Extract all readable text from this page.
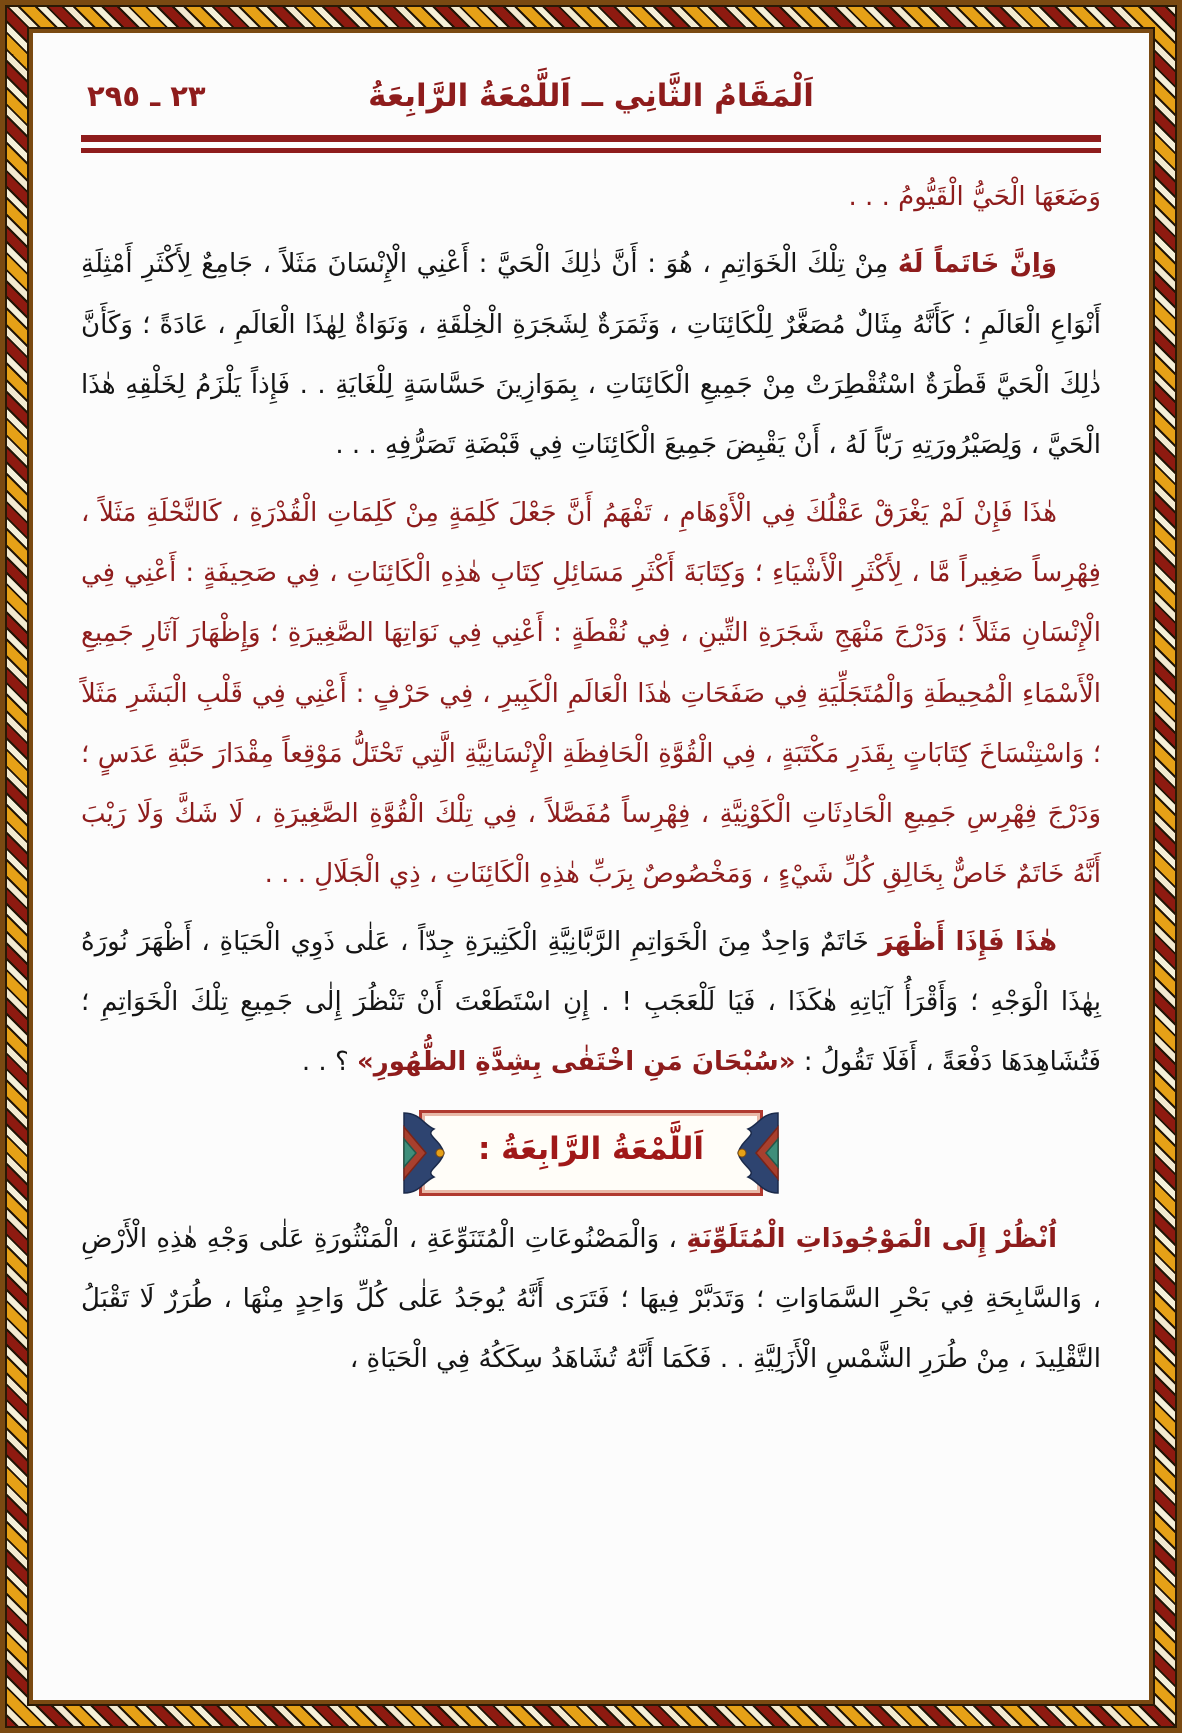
٢٣ ـ ٢٩٥	اَلْمَقَامُ الثَّانِي ــ اَللَّمْعَةُ الرَّابِعَةُ

وَضَعَهَا الْحَيُّ الْقَيُّومُ . . .

وَاِنَّ خَاتَماً لَهُ مِنْ تِلْكَ الْخَوَاتِمِ ، هُوَ : أَنَّ ذٰلِكَ الْحَيَّ : أَعْنِي الْإِنْسَانَ مَثَلاً ، جَامِعٌ لِأَكْثَرِ أَمْثِلَةِ أَنْوَاعِ الْعَالَمِ ؛ كَأَنَّهُ مِثَالٌ مُصَغَّرٌ لِلْكَائِنَاتِ ، وَثَمَرَةٌ لِشَجَرَةِ الْخِلْقَةِ ، وَنَوَاةٌ لِهٰذَا الْعَالَمِ ، عَادَةً ؛ وَكَأَنَّ ذٰلِكَ الْحَيَّ قَطْرَةٌ اسْتُقْطِرَتْ مِنْ جَمِيعِ الْكَائِنَاتِ ، بِمَوَازِينَ حَسَّاسَةٍ لِلْغَايَةِ . . فَإِذاً يَلْزَمُ لِخَلْقِهِ هٰذَا الْحَيَّ ، وَلِصَيْرُورَتِهِ رَبّاً لَهُ ، أَنْ يَقْبِضَ جَمِيعَ الْكَائِنَاتِ فِي قَبْضَةِ تَصَرُّفِهِ . . .

هٰذَا فَإِنْ لَمْ يَغْرَقْ عَقْلُكَ فِي الْأَوْهَامِ ، تَفْهَمُ أَنَّ جَعْلَ كَلِمَةٍ مِنْ كَلِمَاتِ الْقُدْرَةِ ، كَالنَّحْلَةِ مَثَلاً ، فِهْرِساً صَغِيراً مَّا ، لِأَكْثَرِ الْأَشْيَاءِ ؛ وَكِتَابَةَ أَكْثَرِ مَسَائِلِ كِتَابِ هٰذِهِ الْكَائِنَاتِ ، فِي صَحِيفَةٍ : أَعْنِي فِي الْإِنْسَانِ مَثَلاً ؛ وَدَرْجَ مَنْهَجِ شَجَرَةِ التِّينِ ، فِي نُقْطَةٍ : أَعْنِي فِي نَوَاتِهَا الصَّغِيرَةِ ؛ وَإِظْهَارَ آثَارِ جَمِيعِ الْأَسْمَاءِ الْمُحِيطَةِ وَالْمُتَجَلِّيَةِ فِي صَفَحَاتِ هٰذَا الْعَالَمِ الْكَبِيرِ ، فِي حَرْفٍ : أَعْنِي فِي قَلْبِ الْبَشَرِ مَثَلاً ؛ وَاسْتِنْسَاخَ كِتَابَاتٍ بِقَدَرِ مَكْتَبَةٍ ، فِي الْقُوَّةِ الْحَافِظَةِ الْإِنْسَانِيَّةِ الَّتِي تَحْتَلُّ مَوْقِعاً مِقْدَارَ حَبَّةِ عَدَسٍ ؛ وَدَرْجَ فِهْرِسِ جَمِيعِ الْحَادِثَاتِ الْكَوْنِيَّةِ ، فِهْرِساً مُفَصَّلاً ، فِي تِلْكَ الْقُوَّةِ الصَّغِيرَةِ ، لَا شَكَّ وَلَا رَيْبَ أَنَّهُ خَاتَمٌ خَاصٌّ بِخَالِقِ كُلِّ شَيْءٍ ، وَمَخْصُوصٌ بِرَبِّ هٰذِهِ الْكَائِنَاتِ ، ذِي الْجَلَالِ . . .

هٰذَا فَإِذَا أَظْهَرَ خَاتَمٌ وَاحِدٌ مِنَ الْخَوَاتِمِ الرَّبَّانِيَّةِ الْكَثِيرَةِ جِدّاً ، عَلٰى ذَوِي الْحَيَاةِ ، أَظْهَرَ نُورَهُ بِهٰذَا الْوَجْهِ ؛ وَأَقْرَأُ آيَاتِهِ هٰكَذَا ، فَيَا لَلْعَجَبِ ! . إِنِ اسْتَطَعْتَ أَنْ تَنْظُرَ إِلٰى جَمِيعِ تِلْكَ الْخَوَاتِمِ ؛ فَتُشَاهِدَهَا دَفْعَةً ، أَفَلَا تَقُولُ : «سُبْحَانَ مَنِ اخْتَفٰى بِشِدَّةِ الظُّهُورِ» ؟ . .

اَللَّمْعَةُ الرَّابِعَةُ :

اُنْظُرْ إِلَى الْمَوْجُودَاتِ الْمُتَلَوِّنَةِ ، وَالْمَصْنُوعَاتِ الْمُتَنَوِّعَةِ ، الْمَنْثُورَةِ عَلٰى وَجْهِ هٰذِهِ الْأَرْضِ ، وَالسَّابِحَةِ فِي بَحْرِ السَّمَاوَاتِ ؛ وَتَدَبَّرْ فِيهَا ؛ فَتَرَى أَنَّهُ يُوجَدُ عَلٰى كُلِّ وَاحِدٍ مِنْهَا ، طُرَرٌ لَا تَقْبَلُ التَّقْلِيدَ ، مِنْ طُرَرِ الشَّمْسِ الْأَزَلِيَّةِ . . فَكَمَا أَنَّهُ تُشَاهَدُ سِكَكُهُ فِي الْحَيَاةِ ،
